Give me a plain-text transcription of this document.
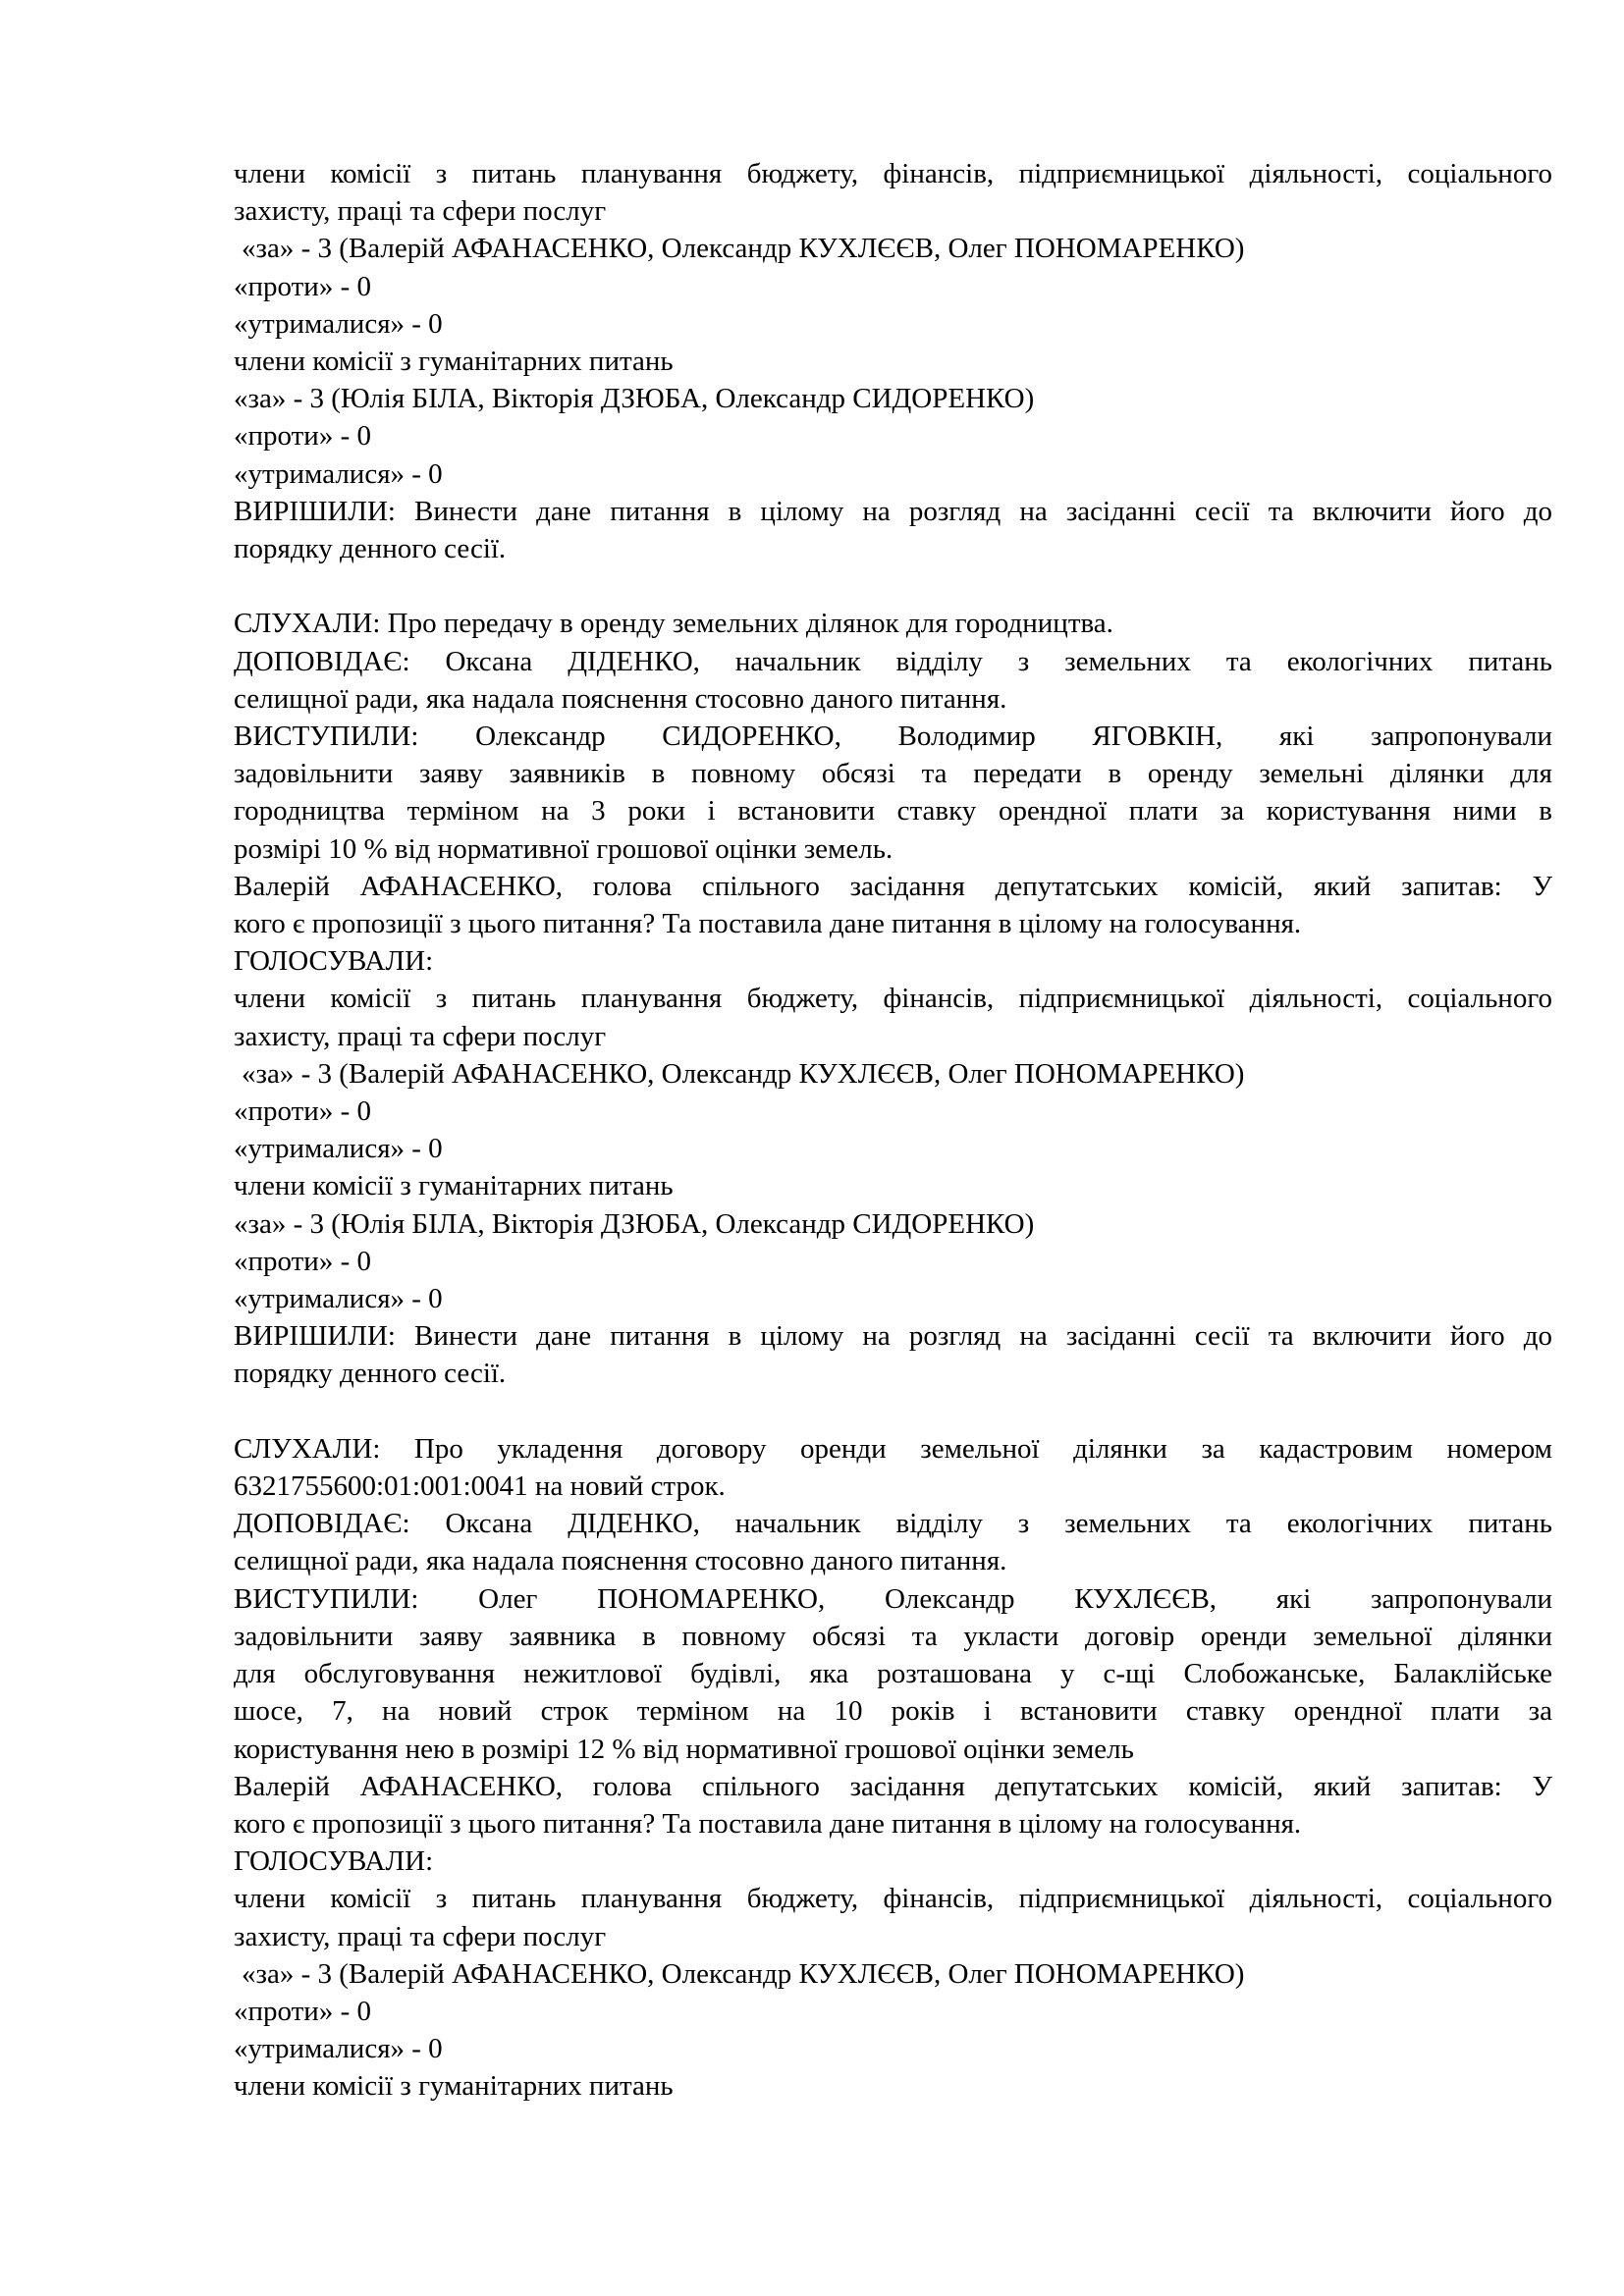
члени комісії з питань планування бюджету, фінансів, підприємницької діяльності, соціального
захисту, праці та сфери послуг
«за» - 3 (Валерій АФАНАСЕНКО, Олександр КУХЛЄЄВ, Олег ПОНОМАРЕНКО)
«проти» - 0
«утрималися» - 0
члени комісії з гуманітарних питань
«за» - 3 (Юлія БІЛА, Вікторія ДЗЮБА, Олександр СИДОРЕНКО)
«проти» - 0
«утрималися» - 0
ВИРІШИЛИ: Винести дане питання в цілому на розгляд на засіданні сесії та включити його до
порядку денного сесії.
СЛУХАЛИ: Про передачу в оренду земельних ділянок для городництва.
ДОПОВІДАЄ: Оксана ДІДЕНКО, начальник відділу з земельних та екологічних питань
селищної ради, яка надала пояснення стосовно даного питання.
ВИСТУПИЛИ: Олександр СИДОРЕНКО, Володимир ЯГОВКІН, які запропонували
задовільнити заяву заявників в повному обсязі та передати в оренду земельні ділянки для
городництва терміном на 3 роки і встановити ставку орендної плати за користування ними в
розмірі 10 % від нормативної грошової оцінки земель.
Валерій АФАНАСЕНКО, голова спільного засідання депутатських комісій, який запитав: У
кого є пропозиції з цього питання? Та поставила дане питання в цілому на голосування.
ГОЛОСУВАЛИ:
члени комісії з питань планування бюджету, фінансів, підприємницької діяльності, соціального
захисту, праці та сфери послуг
«за» - 3 (Валерій АФАНАСЕНКО, Олександр КУХЛЄЄВ, Олег ПОНОМАРЕНКО)
«проти» - 0
«утрималися» - 0
члени комісії з гуманітарних питань
«за» - 3 (Юлія БІЛА, Вікторія ДЗЮБА, Олександр СИДОРЕНКО)
«проти» - 0
«утрималися» - 0
ВИРІШИЛИ: Винести дане питання в цілому на розгляд на засіданні сесії та включити його до
порядку денного сесії.
СЛУХАЛИ: Про укладення договору оренди земельної ділянки за кадастровим номером
6321755600:01:001:0041 на новий строк.
ДОПОВІДАЄ: Оксана ДІДЕНКО, начальник відділу з земельних та екологічних питань
селищної ради, яка надала пояснення стосовно даного питання.
ВИСТУПИЛИ: Олег ПОНОМАРЕНКО, Олександр КУХЛЄЄВ, які запропонували
задовільнити заяву заявника в повному обсязі та укласти договір оренди земельної ділянки
для обслуговування нежитлової будівлі, яка розташована у с-щі Слобожанське, Балаклійське
шосе, 7, на новий строк терміном на 10 років і встановити ставку орендної плати за
користування нею в розмірі 12 % від нормативної грошової оцінки земель
Валерій АФАНАСЕНКО, голова спільного засідання депутатських комісій, який запитав: У
кого є пропозиції з цього питання? Та поставила дане питання в цілому на голосування.
ГОЛОСУВАЛИ:
члени комісії з питань планування бюджету, фінансів, підприємницької діяльності, соціального
захисту, праці та сфери послуг
«за» - 3 (Валерій АФАНАСЕНКО, Олександр КУХЛЄЄВ, Олег ПОНОМАРЕНКО)
«проти» - 0
«утрималися» - 0
члени комісії з гуманітарних питань
